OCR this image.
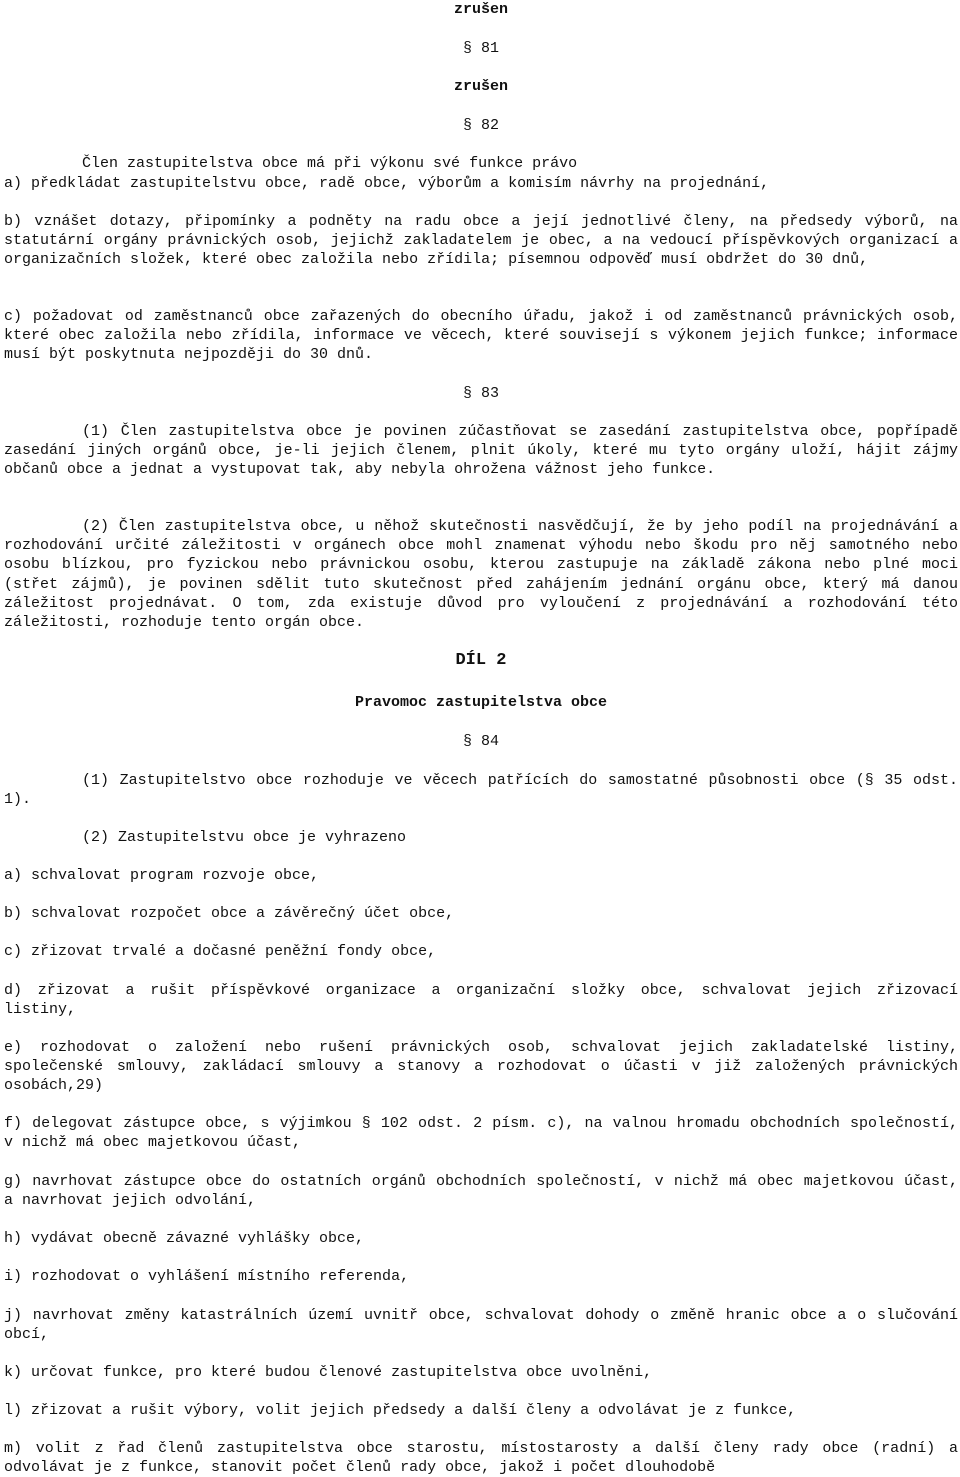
zrušen
§ 81
zrušen
§ 82
Člen zastupitelstva obce má při výkonu své funkce právo
a) předkládat zastupitelstvu obce, radě obce, výborům a komisím návrhy na projednání,
b) vznášet dotazy, připomínky a podněty na radu obce a její jednotlivé členy, na předsedy výborů, na statutární orgány právnických osob, jejichž zakladatelem je obec, a na vedoucí příspěvkových organizací a organizačních složek, které obec založila nebo zřídila; písemnou odpověď musí obdržet do 30 dnů,
c) požadovat od zaměstnanců obce zařazených do obecního úřadu, jakož i od zaměstnanců právnických osob, které obec založila nebo zřídila, informace ve věcech, které souvisejí s výkonem jejich funkce; informace musí být poskytnuta nejpozději do 30 dnů.
§ 83
(1) Člen zastupitelstva obce je povinen zúčastňovat se zasedání zastupitelstva obce, popřípadě zasedání jiných orgánů obce, je-li jejich členem, plnit úkoly, které mu tyto orgány uloží, hájit zájmy občanů obce a jednat a vystupovat tak, aby nebyla ohrožena vážnost jeho funkce.
(2) Člen zastupitelstva obce, u něhož skutečnosti nasvědčují, že by jeho podíl na projednávání a rozhodování určité záležitosti v orgánech obce mohl znamenat výhodu nebo škodu pro něj samotného nebo osobu blízkou, pro fyzickou nebo právnickou osobu, kterou zastupuje na základě zákona nebo plné moci (střet zájmů), je povinen sdělit tuto skutečnost před zahájením jednání orgánu obce, který má danou záležitost projednávat. O tom, zda existuje důvod pro vyloučení z projednávání a rozhodování této záležitosti, rozhoduje tento orgán obce.
DÍL 2
Pravomoc zastupitelstva obce
§ 84
(1) Zastupitelstvo obce rozhoduje ve věcech patřících do samostatné působnosti obce (§ 35 odst. 1).
(2) Zastupitelstvu obce je vyhrazeno
a) schvalovat program rozvoje obce,
b) schvalovat rozpočet obce a závěrečný účet obce,
c) zřizovat trvalé a dočasné peněžní fondy obce,
d) zřizovat a rušit příspěvkové organizace a organizační složky obce, schvalovat jejich zřizovací listiny,
e) rozhodovat o založení nebo rušení právnických osob, schvalovat jejich zakladatelské listiny, společenské smlouvy, zakládací smlouvy a stanovy a rozhodovat o účasti v již založených právnických osobách,29)
f) delegovat zástupce obce, s výjimkou § 102 odst. 2 písm. c), na valnou hromadu obchodních společností, v nichž má obec majetkovou účast,
g) navrhovat zástupce obce do ostatních orgánů obchodních společností, v nichž má obec majetkovou účast, a navrhovat jejich odvolání,
h) vydávat obecně závazné vyhlášky obce,
i) rozhodovat o vyhlášení místního referenda,
j) navrhovat změny katastrálních území uvnitř obce, schvalovat dohody o změně hranic obce a o slučování obcí,
k) určovat funkce, pro které budou členové zastupitelstva obce uvolněni,
l) zřizovat a rušit výbory, volit jejich předsedy a další členy a odvolávat je z funkce,
m) volit z řad členů zastupitelstva obce starostu, místostarosty a další členy rady obce (radní) a odvolávat je z funkce, stanovit počet členů rady obce, jakož i počet dlouhodobě
